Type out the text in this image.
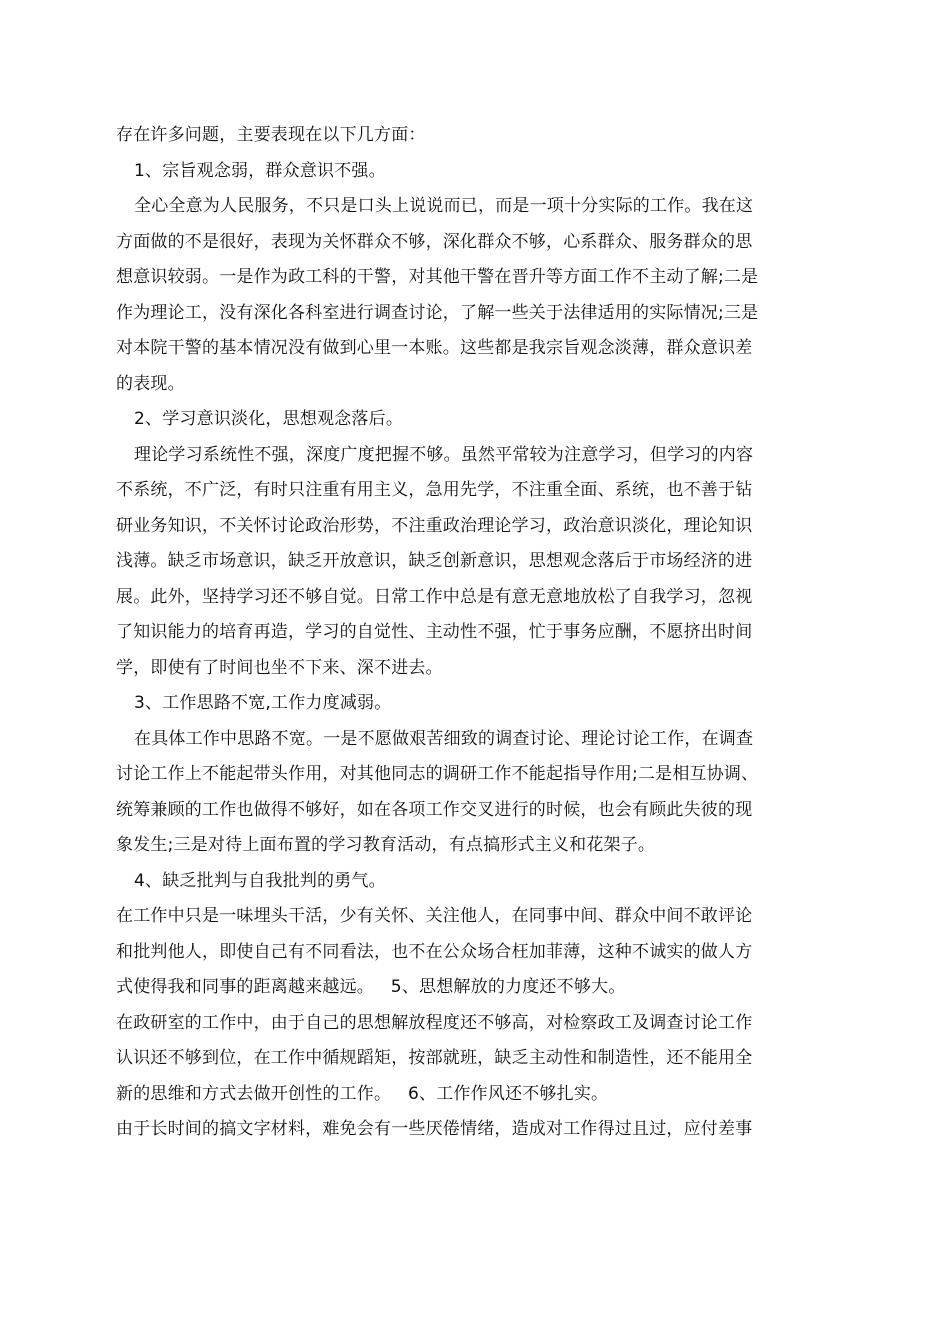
存在许多问题，主要表现在以下几方面：
1、宗旨观念弱，群众意识不强。
全心全意为人民服务，不只是口头上说说而已，而是一项十分实际的工作。我在这
方面做的不是很好，表现为关怀群众不够，深化群众不够，心系群众、服务群众的思
想意识较弱。一是作为政工科的干警，对其他干警在晋升等方面工作不主动了解;二是
作为理论工，没有深化各科室进行调查讨论，了解一些关于法律适用的实际情况;三是
对本院干警的基本情况没有做到心里一本账。这些都是我宗旨观念淡薄，群众意识差
的表现。
2、学习意识淡化，思想观念落后。
理论学习系统性不强，深度广度把握不够。虽然平常较为注意学习，但学习的内容
不系统，不广泛，有时只注重有用主义，急用先学，不注重全面、系统，也不善于钻
研业务知识，不关怀讨论政治形势，不注重政治理论学习，政治意识淡化，理论知识
浅薄。缺乏市场意识，缺乏开放意识，缺乏创新意识，思想观念落后于市场经济的进
展。此外，坚持学习还不够自觉。日常工作中总是有意无意地放松了自我学习，忽视
了知识能力的培育再造，学习的自觉性、主动性不强，忙于事务应酬，不愿挤出时间
学，即使有了时间也坐不下来、深不进去。
3、工作思路不宽,工作力度减弱。
在具体工作中思路不宽。一是不愿做艰苦细致的调查讨论、理论讨论工作，在调查
讨论工作上不能起带头作用，对其他同志的调研工作不能起指导作用;二是相互协调、
统筹兼顾的工作也做得不够好，如在各项工作交叉进行的时候，也会有顾此失彼的现
象发生;三是对待上面布置的学习教育活动，有点搞形式主义和花架子。
4、缺乏批判与自我批判的勇气。
在工作中只是一味埋头干活，少有关怀、关注他人，在同事中间、群众中间不敢评论
和批判他人，即使自己有不同看法，也不在公众场合枉加菲薄，这种不诚实的做人方
式使得我和同事的距离越来越远。   5、思想解放的力度还不够大。
在政研室的工作中，由于自己的思想解放程度还不够高，对检察政工及调查讨论工作
认识还不够到位，在工作中循规蹈矩，按部就班，缺乏主动性和制造性，还不能用全
新的思维和方式去做开创性的工作。   6、工作作风还不够扎实。
由于长时间的搞文字材料，难免会有一些厌倦情绪，造成对工作得过且过，应付差事
